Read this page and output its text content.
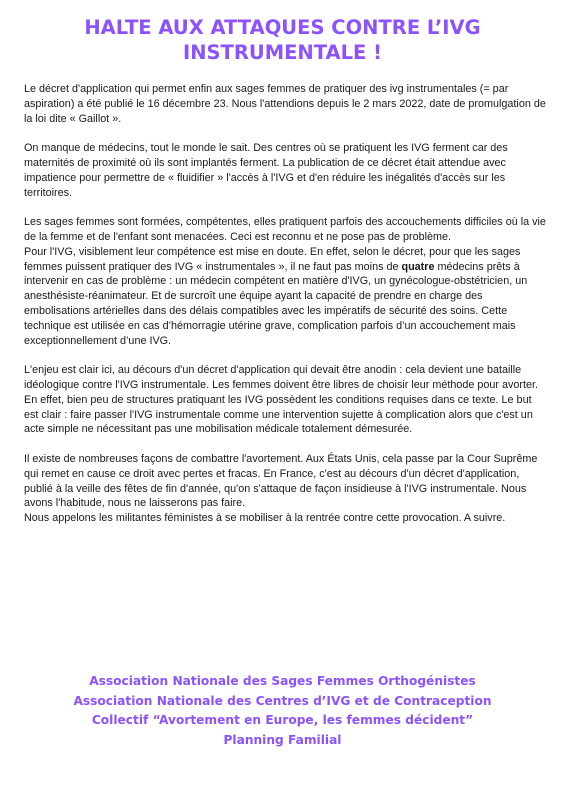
HALTE AUX ATTAQUES CONTRE L’IVG
INSTRUMENTALE !

Le décret d'application qui permet enfin aux sages femmes de pratiquer des ivg instrumentales (= par aspiration) a été publié le 16 décembre 23. Nous l'attendions depuis le 2 mars 2022, date de promulgation de la loi dite « Gaillot ».

On manque de médecins, tout le monde le sait. Des centres où se pratiquent les IVG ferment car des maternités de proximité où ils sont implantés ferment. La publication de ce décret était attendue avec impatience pour permettre de « fluidifier » l'accès à l'IVG et d'en réduire les inégalités d'accès sur les territoires.

Les sages femmes sont formées, compétentes, elles pratiquent parfois des accouchements difficiles où la vie de la femme et de l'enfant sont menacées. Ceci est reconnu et ne pose pas de problème.

Pour l'IVG, visiblement leur compétence est mise en doute. En effet, selon le décret, pour que les sages femmes puissent pratiquer des IVG « instrumentales », il ne faut pas moins de quatre médecins prêts à intervenir en cas de problème : un médecin compétent en matière d'IVG, un gynécologue-obstétricien, un anesthésiste-réanimateur. Et de surcroît une équipe ayant la capacité de prendre en charge des embolisations artérielles dans des délais compatibles avec les impératifs de sécurité des soins. Cette technique est utilisée en cas d’hémorragie utérine grave, complication parfois d’un accouchement mais exceptionnellement d’une IVG.

L'enjeu est clair ici, au décours d'un décret d'application qui devait être anodin : cela devient une bataille idéologique contre l'IVG instrumentale. Les femmes doivent être libres de choisir leur méthode pour avorter. En effet, bien peu de structures pratiquant les IVG possèdent les conditions requises dans ce texte. Le but est clair : faire passer l'IVG instrumentale comme une intervention sujette à complication alors que c'est un acte simple ne nécessitant pas une mobilisation médicale totalement démesurée.

Il existe de nombreuses façons de combattre l'avortement. Aux États Unis, cela passe par la Cour Suprême qui remet en cause ce droit avec pertes et fracas. En France, c'est au décours d'un décret d'application, publié à la veille des fêtes de fin d'année, qu'on s'attaque de façon insidieuse à l'IVG instrumentale. Nous avons l'habitude, nous ne laisserons pas faire.

Nous appelons les militantes féministes à se mobiliser à la rentrée contre cette provocation. A suivre.

Association Nationale des Sages Femmes Orthogénistes
Association Nationale des Centres d’IVG et de Contraception
Collectif “Avortement en Europe, les femmes décident”
Planning Familial
